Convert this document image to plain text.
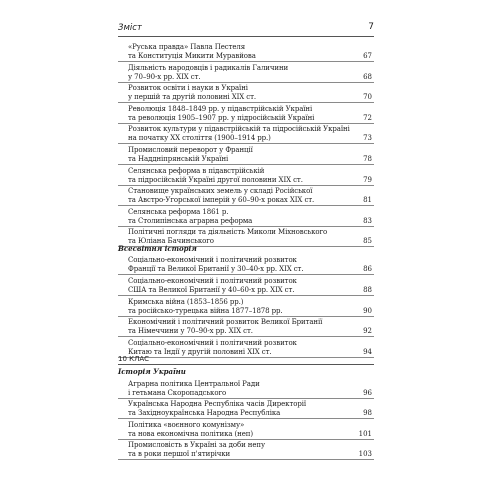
Зміст	7
«Руська правда» Павла Пестеля
та Конституція Микити Муравйова	67
Діяльність народовців і радикалів Галичини
у 70–90-х рр. ХІХ ст.	68
Розвиток освіти і науки в Україні
у першій та другій половині ХІХ ст.	70
Революція 1848–1849 рр. у підавстрійській Україні
та революція 1905–1907 рр. у підросійській Україні	72
Розвиток культури у підавстрійській та підросійській Україні
на початку ХХ століття (1900–1914 рр.)	73
Промисловий переворот у Франції
та Наддніпрянській Україні	78
Селянська реформа в підавстрійській
та підросійській Україні другої половини ХІХ ст.	79
Становище українських земель у складі Російської
та Австро-Угорської імперій у 60–90-х роках ХІХ ст.	81
Селянська реформа 1861 р.
та Столипінська аграрна реформа	83
Політичні погляди та діяльність Миколи Міхновського
та Юліана Бачинського	85
Всесвітня історія
Соціально-економічний і політичний розвиток
Франції та Великої Британії у 30–40-х рр. ХІХ ст.	86
Соціально-економічний і політичний розвиток
США та Великої Британії у 40–60-х рр. ХІХ ст.	88
Кримська війна (1853–1856 рр.)
та російсько-турецька війна 1877–1878 рр.	90
Економічний і політичний розвиток Великої Британії
та Німеччини у 70–90-х рр. ХІХ ст.	92
Соціально-економічний і політичний розвиток
Китаю та Індії у другій половині ХІХ ст.	94
Історія України
Аграрна політика Центральної Ради
і гетьмана Скоропадського	96
Українська Народна Республіка часів Директорії
та Західноукраїнська Народна Республіка	98
Політика «воєнного комунізму»
та нова економічна політика (неп)	101
Промисловість в Україні за доби непу
та в роки першої п'ятирічки	103
10 КЛАС
